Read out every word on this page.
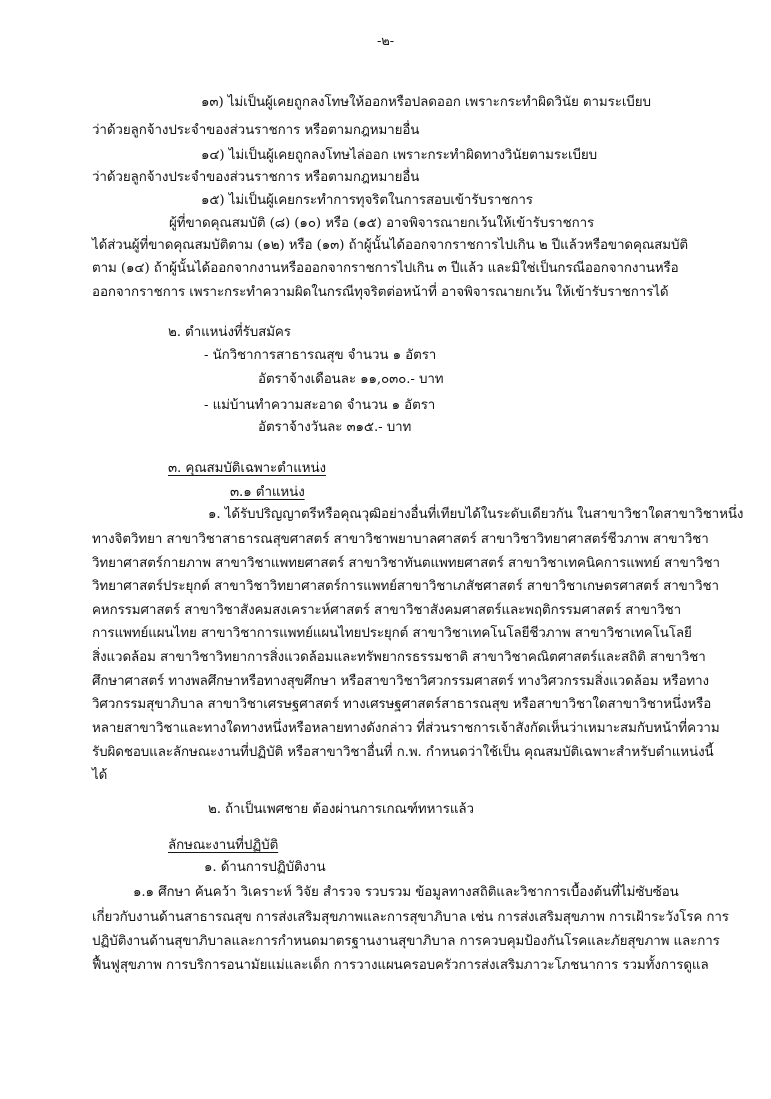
-๒-
๑๓) ไม่เป็นผู้เคยถูกลงโทษให้ออกหรือปลดออก เพราะกระทำผิดวินัย ตามระเบียบ
ว่าด้วยลูกจ้างประจำของส่วนราชการ หรือตามกฎหมายอื่น
๑๔) ไม่เป็นผู้เคยถูกลงโทษไล่ออก เพราะกระทำผิดทางวินัยตามระเบียบ
ว่าด้วยลูกจ้างประจำของส่วนราชการ หรือตามกฎหมายอื่น
๑๕) ไม่เป็นผู้เคยกระทำการทุจริตในการสอบเข้ารับราชการ
ผู้ที่ขาดคุณสมบัติ (๘) (๑๐) หรือ (๑๕) อาจพิจารณายกเว้นให้เข้ารับราชการ
ได้ส่วนผู้ที่ขาดคุณสมบัติตาม (๑๒) หรือ (๑๓) ถ้าผู้นั้นได้ออกจากราชการไปเกิน ๒ ปีแล้วหรือขาดคุณสมบัติ
ตาม (๑๔) ถ้าผู้นั้นได้ออกจากงานหรือออกจากราชการไปเกิน ๓ ปีแล้ว และมิใช่เป็นกรณีออกจากงานหรือ
ออกจากราชการ เพราะกระทำความผิดในกรณีทุจริตต่อหน้าที่ อาจพิจารณายกเว้น ให้เข้ารับราชการได้
๒. ตำแหน่งที่รับสมัคร
- นักวิชาการสาธารณสุข จำนวน ๑ อัตรา
อัตราจ้างเดือนละ ๑๑,๐๓๐.- บาท
- แม่บ้านทำความสะอาด จำนวน ๑ อัตรา
อัตราจ้างวันละ ๓๑๕.- บาท
๓. คุณสมบัติเฉพาะตำแหน่ง
๓.๑ ตำแหน่ง
๑. ได้รับปริญญาตรีหรือคุณวุฒิอย่างอื่นที่เทียบได้ในระดับเดียวกัน ในสาขาวิชาใดสาขาวิชาหนึ่ง
ทางจิตวิทยา สาขาวิชาสาธารณสุขศาสตร์ สาขาวิชาพยาบาลศาสตร์ สาขาวิชาวิทยาศาสตร์ชีวภาพ สาขาวิชา
วิทยาศาสตร์กายภาพ สาขาวิชาแพทยศาสตร์ สาขาวิชาทันตแพทยศาสตร์ สาขาวิชาเทคนิคการแพทย์ สาขาวิชา
วิทยาศาสตร์ประยุกต์ สาขาวิชาวิทยาศาสตร์การแพทย์สาขาวิชาเภสัชศาสตร์ สาขาวิชาเกษตรศาสตร์ สาขาวิชา
คหกรรมศาสตร์ สาขาวิชาสังคมสงเคราะห์ศาสตร์ สาขาวิชาสังคมศาสตร์และพฤติกรรมศาสตร์ สาขาวิชา
การแพทย์แผนไทย สาขาวิชาการแพทย์แผนไทยประยุกต์ สาขาวิชาเทคโนโลยีชีวภาพ สาขาวิชาเทคโนโลยี
สิ่งแวดล้อม สาขาวิชาวิทยาการสิ่งแวดล้อมและทรัพยากรธรรมชาติ สาขาวิชาคณิตศาสตร์และสถิติ สาขาวิชา
ศึกษาศาสตร์ ทางพลศึกษาหรือทางสุขศึกษา หรือสาขาวิชาวิศวกรรมศาสตร์ ทางวิศวกรรมสิ่งแวดล้อม หรือทาง
วิศวกรรมสุขาภิบาล สาขาวิชาเศรษฐศาสตร์ ทางเศรษฐศาสตร์สาธารณสุข หรือสาขาวิชาใดสาขาวิชาหนึ่งหรือ
หลายสาขาวิชาและทางใดทางหนึ่งหรือหลายทางดังกล่าว ที่ส่วนราชการเจ้าสังกัดเห็นว่าเหมาะสมกับหน้าที่ความ
รับผิดชอบและลักษณะงานที่ปฏิบัติ หรือสาขาวิชาอื่นที่ ก.พ. กำหนดว่าใช้เป็น คุณสมบัติเฉพาะสำหรับตำแหน่งนี้
ได้
๒. ถ้าเป็นเพศชาย ต้องผ่านการเกณฑ์ทหารแล้ว
ลักษณะงานที่ปฏิบัติ
๑. ด้านการปฏิบัติงาน
๑.๑ ศึกษา ค้นคว้า วิเคราะห์ วิจัย สำรวจ รวบรวม ข้อมูลทางสถิติและวิชาการเบื้องต้นที่ไม่ซับซ้อน
เกี่ยวกับงานด้านสาธารณสุข การส่งเสริมสุขภาพและการสุขาภิบาล เช่น การส่งเสริมสุขภาพ การเฝ้าระวังโรค การ
ปฏิบัติงานด้านสุขาภิบาลและการกำหนดมาตรฐานงานสุขาภิบาล การควบคุมป้องกันโรคและภัยสุขภาพ และการ
ฟื้นฟูสุขภาพ การบริการอนามัยแม่และเด็ก การวางแผนครอบครัวการส่งเสริมภาวะโภชนาการ รวมทั้งการดูแล
